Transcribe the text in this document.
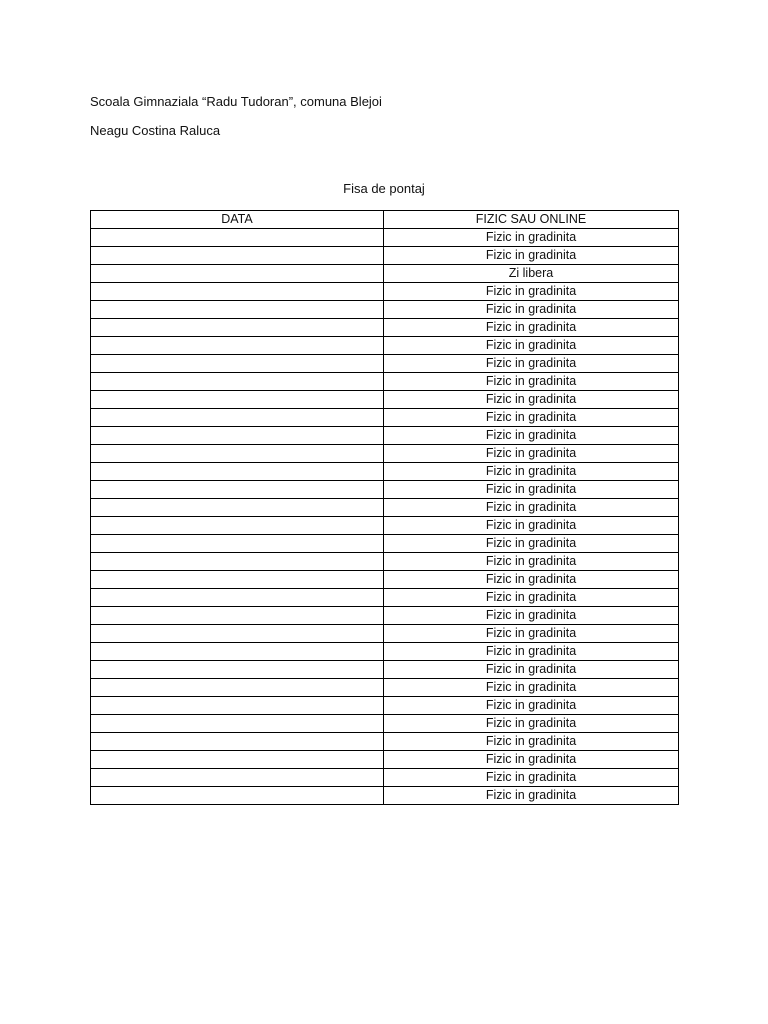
Scoala Gimnaziala “Radu Tudoran”, comuna Blejoi
Neagu Costina Raluca
Fisa de pontaj
DATA	FIZIC SAU ONLINE
	Fizic in gradinita
	Fizic in gradinita
	Zi libera
	Fizic in gradinita
	Fizic in gradinita
	Fizic in gradinita
	Fizic in gradinita
	Fizic in gradinita
	Fizic in gradinita
	Fizic in gradinita
	Fizic in gradinita
	Fizic in gradinita
	Fizic in gradinita
	Fizic in gradinita
	Fizic in gradinita
	Fizic in gradinita
	Fizic in gradinita
	Fizic in gradinita
	Fizic in gradinita
	Fizic in gradinita
	Fizic in gradinita
	Fizic in gradinita
	Fizic in gradinita
	Fizic in gradinita
	Fizic in gradinita
	Fizic in gradinita
	Fizic in gradinita
	Fizic in gradinita
	Fizic in gradinita
	Fizic in gradinita
	Fizic in gradinita
	Fizic in gradinita
